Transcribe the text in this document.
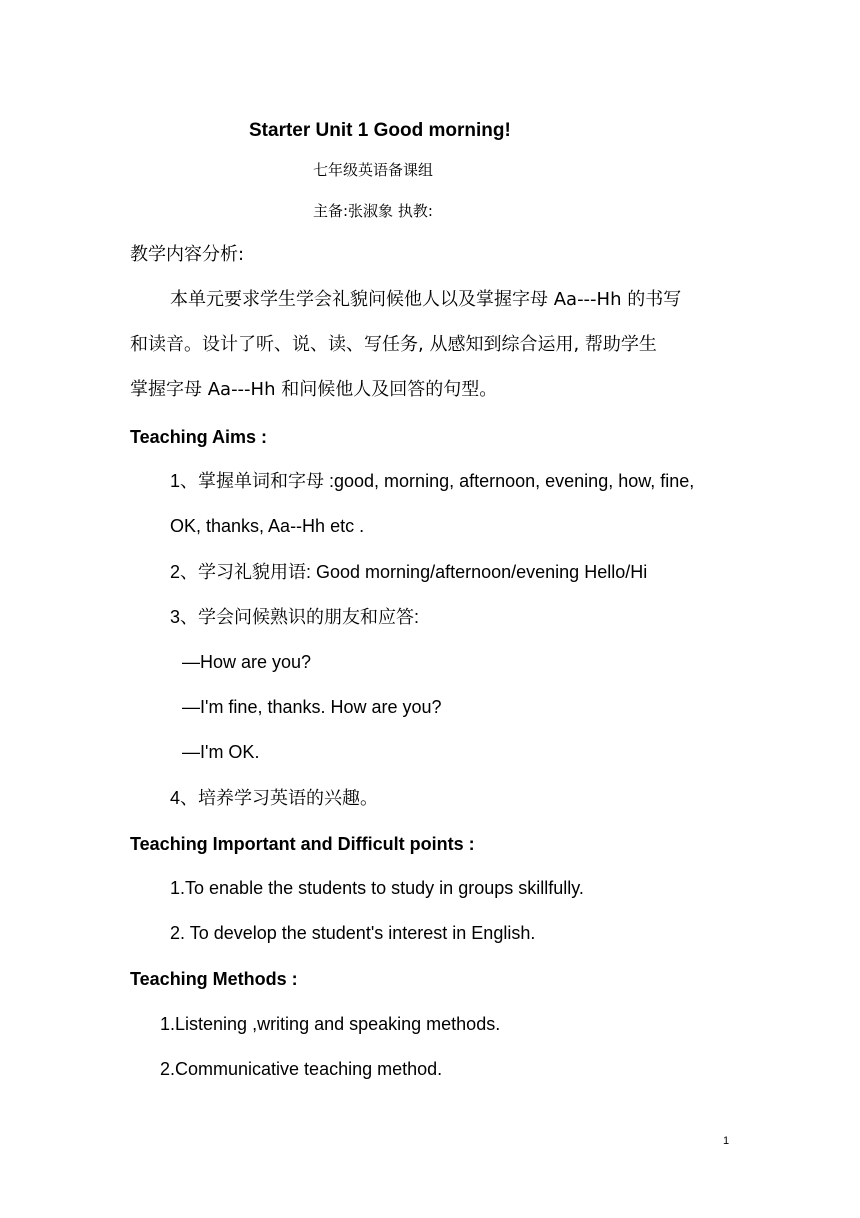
Starter Unit 1 Good morning!
七年级英语备课组
主备:张淑象 执教:
教学内容分析:
本单元要求学生学会礼貌问候他人以及掌握字母 Aa---Hh 的书写
和读音。设计了听、说、读、写任务, 从感知到综合运用, 帮助学生
掌握字母 Aa---Hh 和问候他人及回答的句型。
Teaching Aims :
1、掌握单词和字母 :good, morning, afternoon, evening, how, fine,
OK, thanks, Aa--Hh etc .
2、学习礼貌用语: Good morning/afternoon/evening Hello/Hi
3、学会问候熟识的朋友和应答:
—How are you?
—I'm fine, thanks. How are you?
—I'm OK.
4、培养学习英语的兴趣。
Teaching Important and Difficult points :
1.To enable the students to study in groups skillfully.
2. To develop the student's interest in English.
Teaching Methods :
1.Listening ,writing and speaking methods.
2.Communicative teaching method.
1
